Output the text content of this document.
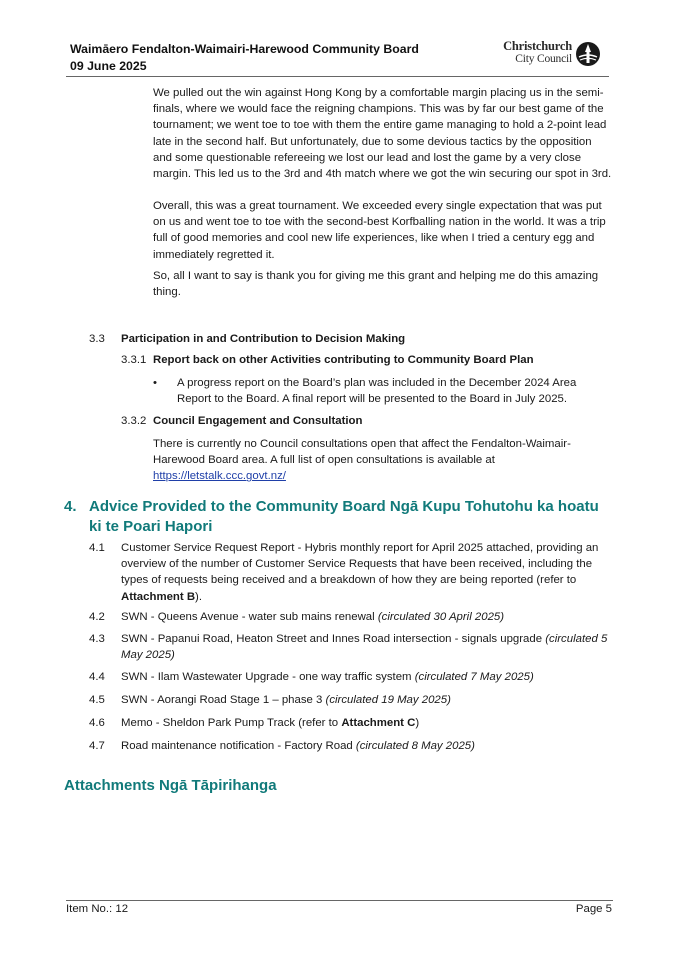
Waimāero Fendalton-Waimairi-Harewood Community Board
09 June 2025
Christchurch
City Council
We pulled out the win against Hong Kong by a comfortable margin placing us in the semi-finals, where we would face the reigning champions. This was by far our best game of the tournament; we went toe to toe with them the entire game managing to hold a 2-point lead late in the second half. But unfortunately, due to some devious tactics by the opposition and some questionable refereeing we lost our lead and lost the game by a very close margin. This led us to the 3rd and 4th match where we got the win securing our spot in 3rd.
Overall, this was a great tournament. We exceeded every single expectation that was put on us and went toe to toe with the second-best Korfballing nation in the world. It was a trip full of good memories and cool new life experiences, like when I tried a century egg and immediately regretted it.
So, all I want to say is thank you for giving me this grant and helping me do this amazing thing.
3.3 Participation in and Contribution to Decision Making
3.3.1 Report back on other Activities contributing to Community Board Plan
• A progress report on the Board’s plan was included in the December 2024 Area Report to the Board. A final report will be presented to the Board in July 2025.
3.3.2 Council Engagement and Consultation
There is currently no Council consultations open that affect the Fendalton-Waimair-Harewood Board area. A full list of open consultations is available at
https://letstalk.ccc.govt.nz/
4. Advice Provided to the Community Board Ngā Kupu Tohutohu ka hoatu ki te Poari Hapori
4.1 Customer Service Request Report - Hybris monthly report for April 2025 attached, providing an overview of the number of Customer Service Requests that have been received, including the types of requests being received and a breakdown of how they are being reported (refer to Attachment B).
4.2 SWN - Queens Avenue - water sub mains renewal (circulated 30 April 2025)
4.3 SWN - Papanui Road, Heaton Street and Innes Road intersection - signals upgrade (circulated 5 May 2025)
4.4 SWN - Ilam Wastewater Upgrade - one way traffic system (circulated 7 May 2025)
4.5 SWN - Aorangi Road Stage 1 – phase 3 (circulated 19 May 2025)
4.6 Memo - Sheldon Park Pump Track (refer to Attachment C)
4.7 Road maintenance notification - Factory Road (circulated 8 May 2025)
Attachments Ngā Tāpirihanga
Item No.: 12	Page 5
